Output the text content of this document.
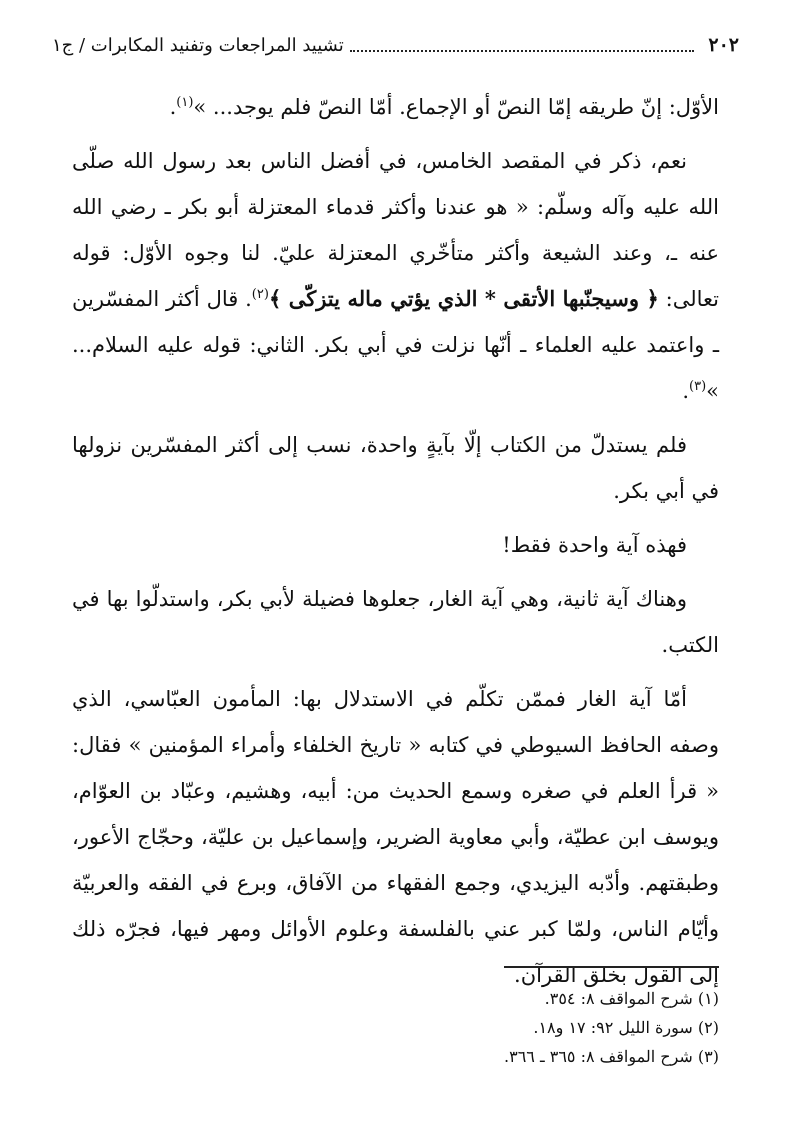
٢٠٢
تشييد المراجعات وتفنيد المكابرات / ج١

الأوّل: إنّ طريقه إمّا النصّ أو الإجماع. أمّا النصّ فلم يوجد... »$^{(١)}$.

نعم، ذكر في المقصد الخامس، في أفضل الناس بعد رسول الله صلّى الله عليه وآله وسلّم: « هو عندنا وأكثر قدماء المعتزلة أبو بكر ـ رضي الله عنه ـ، وعند الشيعة وأكثر متأخّري المعتزلة عليّ. لنا وجوه الأوّل: قوله تعالى: ﴿ وسيجنّبها الأتقى * الذي يؤتي ماله يتزكّى ﴾$^{(٢)}$. قال أكثر المفسّرين ـ واعتمد عليه العلماء ـ أنّها نزلت في أبي بكر. الثاني: قوله عليه السلام... »$^{(٣)}$.

فلم يستدلّ من الكتاب إلّا بآيةٍ واحدة، نسب إلى أكثر المفسّرين نزولها في أبي بكر.

فهذه آية واحدة فقط!

وهناك آية ثانية، وهي آية الغار، جعلوها فضيلة لأبي بكر، واستدلّوا بها في الكتب.

أمّا آية الغار فممّن تكلّم في الاستدلال بها: المأمون العبّاسي، الذي وصفه الحافظ السيوطي في كتابه « تاريخ الخلفاء وأمراء المؤمنين » فقال: « قرأ العلم في صغره وسمع الحديث من: أبيه، وهشيم، وعبّاد بن العوّام، ويوسف ابن عطيّة، وأبي معاوية الضرير، وإسماعيل بن عليّة، وحجّاج الأعور، وطبقتهم. وأدّبه اليزيدي، وجمع الفقهاء من الآفاق، وبرع في الفقه والعربيّة وأيّام الناس، ولمّا كبر عني بالفلسفة وعلوم الأوائل ومهر فيها، فجرّه ذلك إلى القول بخلق القرآن.

(١) شرح المواقف ٨: ٣٥٤.
(٢) سورة الليل ٩٢: ١٧ و١٨.
(٣) شرح المواقف ٨: ٣٦٥ ـ ٣٦٦.
